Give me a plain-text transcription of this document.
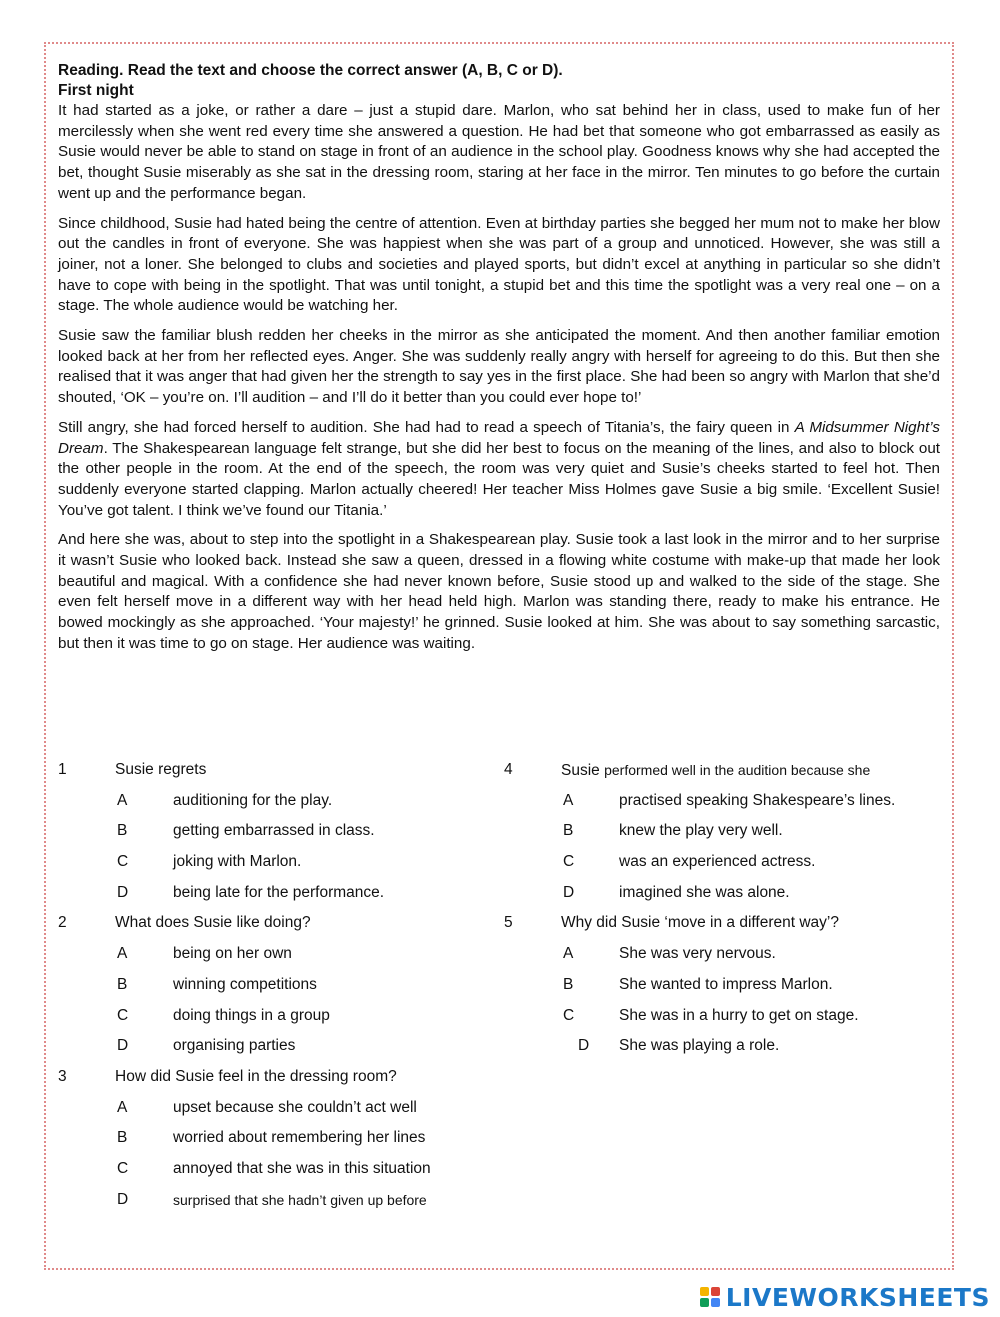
Reading. Read the text and choose the correct answer (A, B, C or D).
First night

It had started as a joke, or rather a dare – just a stupid dare. Marlon, who sat behind her in class, used to make fun of her mercilessly when she went red every time she answered a question. He had bet that someone who got embarrassed as easily as Susie would never be able to stand on stage in front of an audience in the school play. Goodness knows why she had accepted the bet, thought Susie miserably as she sat in the dressing room, staring at her face in the mirror. Ten minutes to go before the curtain went up and the performance began.

Since childhood, Susie had hated being the centre of attention. Even at birthday parties she begged her mum not to make her blow out the candles in front of everyone. She was happiest when she was part of a group and unnoticed. However, she was still a joiner, not a loner. She belonged to clubs and societies and played sports, but didn’t excel at anything in particular so she didn’t have to cope with being in the spotlight. That was until tonight, a stupid bet and this time the spotlight was a very real one – on a stage. The whole audience would be watching her.

Susie saw the familiar blush redden her cheeks in the mirror as she anticipated the moment. And then another familiar emotion looked back at her from her reflected eyes. Anger. She was suddenly really angry with herself for agreeing to do this. But then she realised that it was anger that had given her the strength to say yes in the first place. She had been so angry with Marlon that she’d shouted, ‘OK – you’re on. I’ll audition – and I’ll do it better than you could ever hope to!’

Still angry, she had forced herself to audition. She had had to read a speech of Titania’s, the fairy queen in A Midsummer Night’s Dream. The Shakespearean language felt strange, but she did her best to focus on the meaning of the lines, and also to block out the other people in the room. At the end of the speech, the room was very quiet and Susie’s cheeks started to feel hot. Then suddenly everyone started clapping. Marlon actually cheered! Her teacher Miss Holmes gave Susie a big smile. ‘Excellent Susie! You’ve got talent. I think we’ve found our Titania.’

And here she was, about to step into the spotlight in a Shakespearean play. Susie took a last look in the mirror and to her surprise it wasn’t Susie who looked back. Instead she saw a queen, dressed in a flowing white costume with make-up that made her look beautiful and magical. With a confidence she had never known before, Susie stood up and walked to the side of the stage. She even felt herself move in a different way with her head held high. Marlon was standing there, ready to make his entrance. He bowed mockingly as she approached. ‘Your majesty!’ he grinned. Susie looked at him. She was about to say something sarcastic, but then it was time to go on stage. Her audience was waiting.

1	Susie regrets
A	auditioning for the play.
B	getting embarrassed in class.
C	joking with Marlon.
D	being late for the performance.
2	What does Susie like doing?
A	being on her own
B	winning competitions
C	doing things in a group
D	organising parties
3	How did Susie feel in the dressing room?
A	upset because she couldn’t act well
B	worried about remembering her lines
C	annoyed that she was in this situation
D	surprised that she hadn’t given up before
4	Susie performed well in the audition because she
A	practised speaking Shakespeare’s lines.
B	knew the play very well.
C	was an experienced actress.
D	imagined she was alone.
5	Why did Susie ‘move in a different way’?
A	She was very nervous.
B	She wanted to impress Marlon.
C	She was in a hurry to get on stage.
D She was playing a role.
LIVEWORKSHEETS
